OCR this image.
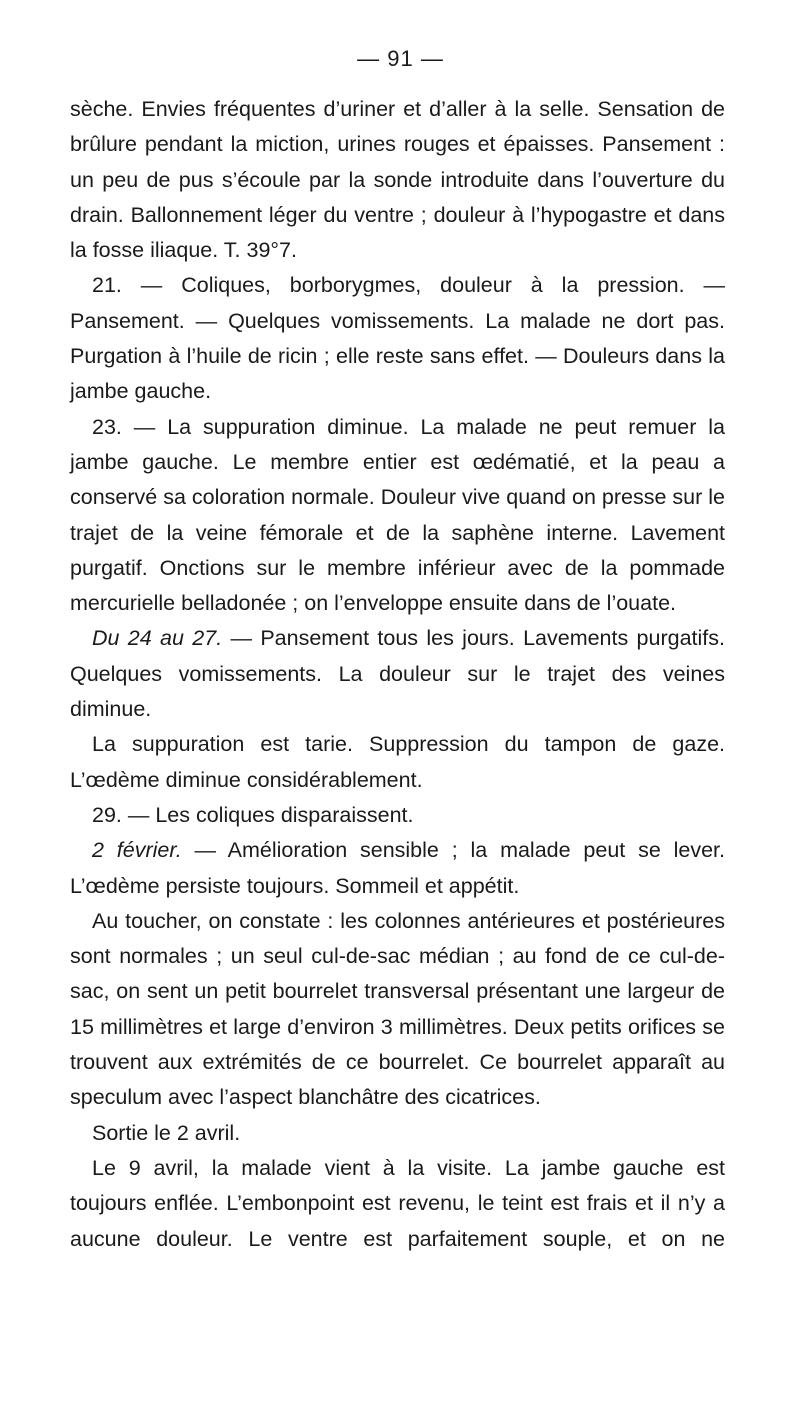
— 91 —

sèche. Envies fréquentes d’uriner et d’aller à la selle. Sensation de brûlure pendant la miction, urines rouges et épaisses. Pansement : un peu de pus s’écoule par la sonde introduite dans l’ouverture du drain. Ballonnement léger du ventre ; douleur à l’hypogastre et dans la fosse iliaque. T. 39°7.

21. — Coliques, borborygmes, douleur à la pression. — Pansement. — Quelques vomissements. La malade ne dort pas. Purgation à l’huile de ricin ; elle reste sans effet. — Douleurs dans la jambe gauche.

23. — La suppuration diminue. La malade ne peut remuer la jambe gauche. Le membre entier est œdématié, et la peau a conservé sa coloration normale. Douleur vive quand on presse sur le trajet de la veine fémorale et de la saphène interne. Lavement purgatif. Onctions sur le membre inférieur avec de la pommade mercurielle belladonée ; on l’enveloppe ensuite dans de l’ouate.

Du 24 au 27. — Pansement tous les jours. Lavements purgatifs. Quelques vomissements. La douleur sur le trajet des veines diminue.

La suppuration est tarie. Suppression du tampon de gaze. L’œdème diminue considérablement.

29. — Les coliques disparaissent.

2 février. — Amélioration sensible ; la malade peut se lever. L’œdème persiste toujours. Sommeil et appétit.

Au toucher, on constate : les colonnes antérieures et postérieures sont normales ; un seul cul-de-sac médian ; au fond de ce cul-de-sac, on sent un petit bourrelet transversal présentant une largeur de 15 millimètres et large d’environ 3 millimètres. Deux petits orifices se trouvent aux extrémités de ce bourrelet. Ce bourrelet apparaît au speculum avec l’aspect blanchâtre des cicatrices.

Sortie le 2 avril.

Le 9 avril, la malade vient à la visite. La jambe gauche est toujours enflée. L’embonpoint est revenu, le teint est frais et il n’y a aucune douleur. Le ventre est parfaitement souple, et on ne
